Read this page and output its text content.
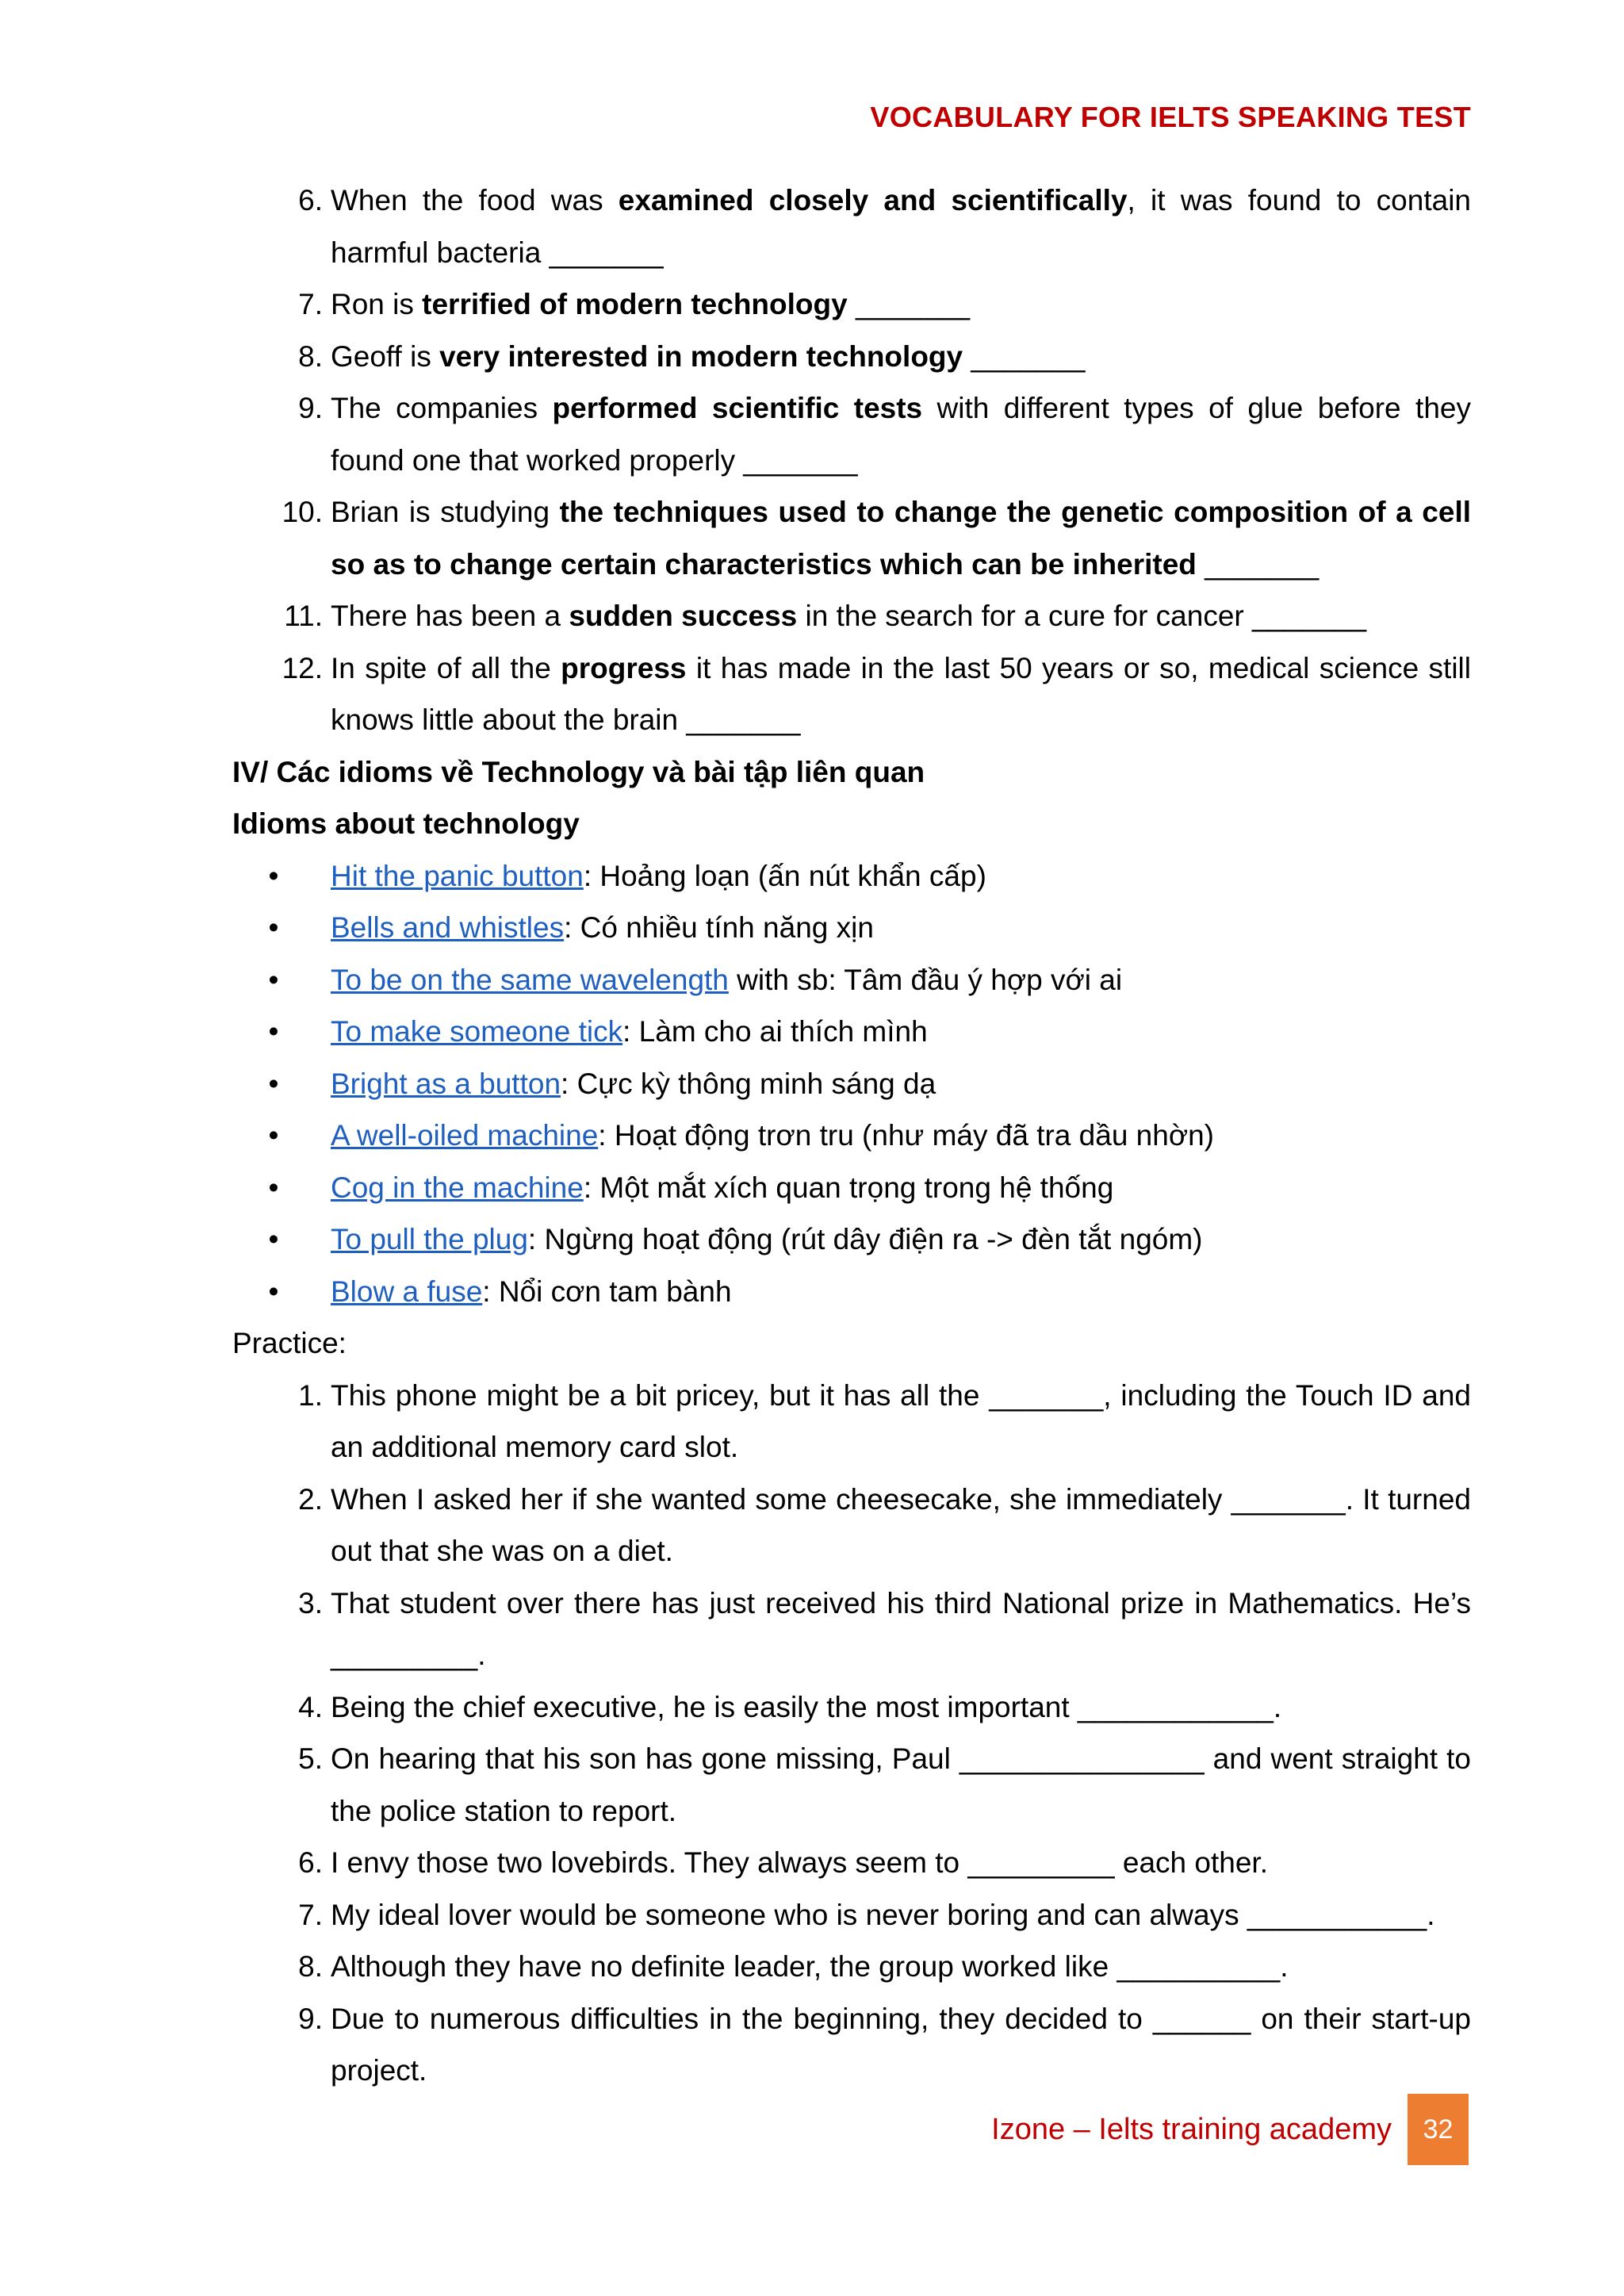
VOCABULARY FOR IELTS SPEAKING TEST
6. When the food was examined closely and scientifically, it was found to contain harmful bacteria _______
7. Ron is terrified of modern technology _______
8. Geoff is very interested in modern technology _______
9. The companies performed scientific tests with different types of glue before they found one that worked properly _______
10. Brian is studying the techniques used to change the genetic composition of a cell so as to change certain characteristics which can be inherited _______
11. There has been a sudden success in the search for a cure for cancer _______
12. In spite of all the progress it has made in the last 50 years or so, medical science still knows little about the brain _______
IV/ Các idioms về Technology và bài tập liên quan
Idioms about technology
•	Hit the panic button: Hoảng loạn (ấn nút khẩn cấp)
•	Bells and whistles: Có nhiều tính năng xịn
•	To be on the same wavelength with sb: Tâm đầu ý hợp với ai
•	To make someone tick: Làm cho ai thích mình
•	Bright as a button: Cực kỳ thông minh sáng dạ
•	A well-oiled machine: Hoạt động trơn tru (như máy đã tra dầu nhờn)
•	Cog in the machine: Một mắt xích quan trọng trong hệ thống
•	To pull the plug: Ngừng hoạt động (rút dây điện ra -> đèn tắt ngóm)
•	Blow a fuse: Nổi cơn tam bành
Practice:
1. This phone might be a bit pricey, but it has all the _______, including the Touch ID and an additional memory card slot.
2. When I asked her if she wanted some cheesecake, she immediately _______. It turned out that she was on a diet.
3. That student over there has just received his third National prize in Mathematics. He’s _________.
4. Being the chief executive, he is easily the most important ____________.
5. On hearing that his son has gone missing, Paul _______________ and went straight to the police station to report.
6. I envy those two lovebirds. They always seem to _________ each other.
7. My ideal lover would be someone who is never boring and can always ___________.
8. Although they have no definite leader, the group worked like __________.
9. Due to numerous difficulties in the beginning, they decided to ______ on their start-up project.
Izone – Ielts training academy	32
